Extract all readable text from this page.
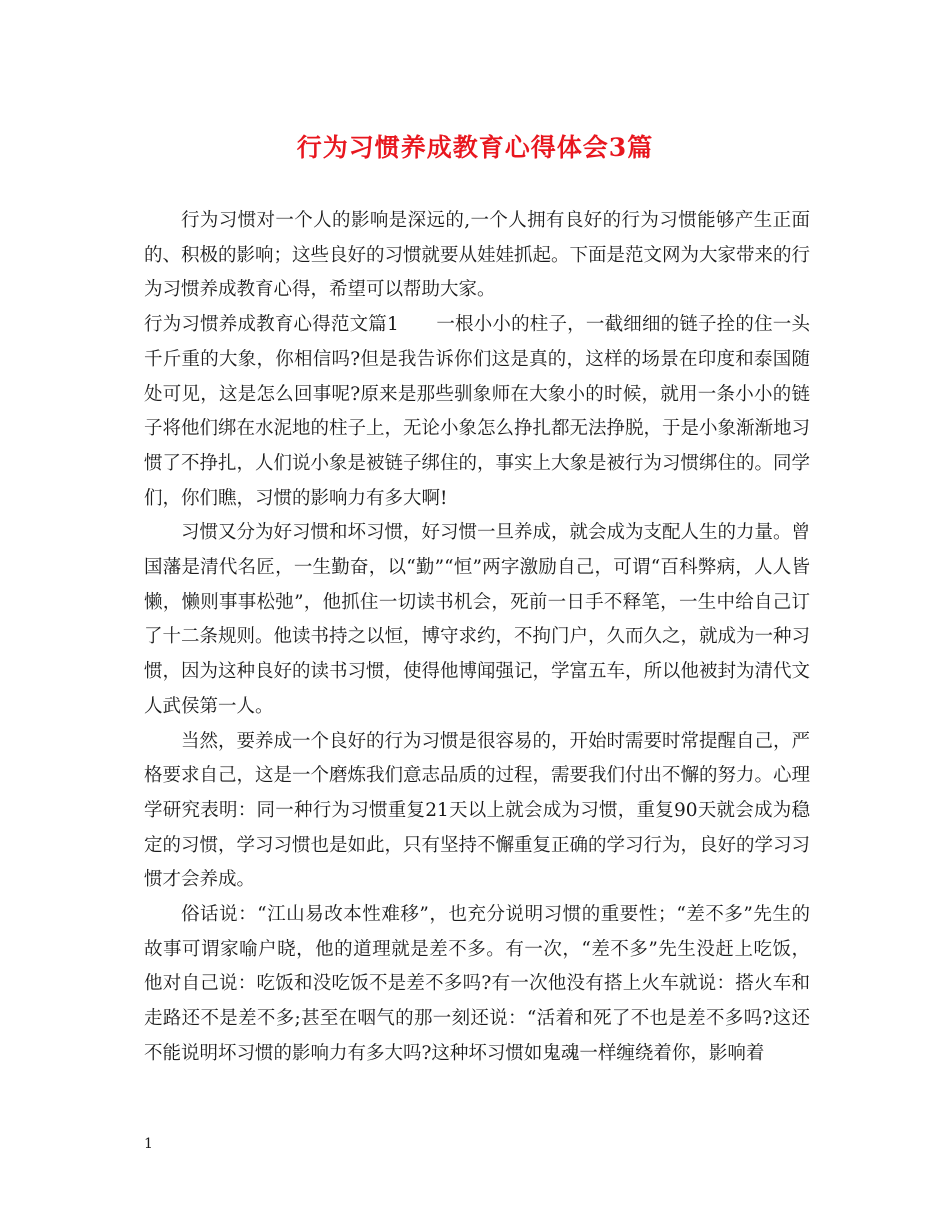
行为习惯养成教育心得体会3篇

行为习惯对一个人的影响是深远的,一个人拥有良好的行为习惯能够产生正面的、积极的影响；这些良好的习惯就要从娃娃抓起。下面是范文网为大家带来的行为习惯养成教育心得，希望可以帮助大家。

行为习惯养成教育心得范文篇1　　一根小小的柱子，一截细细的链子拴的住一头千斤重的大象，你相信吗?但是我告诉你们这是真的，这样的场景在印度和泰国随处可见，这是怎么回事呢?原来是那些驯象师在大象小的时候，就用一条小小的链子将他们绑在水泥地的柱子上，无论小象怎么挣扎都无法挣脱，于是小象渐渐地习惯了不挣扎，人们说小象是被链子绑住的，事实上大象是被行为习惯绑住的。同学们，你们瞧，习惯的影响力有多大啊!

习惯又分为好习惯和坏习惯，好习惯一旦养成，就会成为支配人生的力量。曾国藩是清代名匠，一生勤奋，以“勤”“恒”两字激励自己，可谓“百科弊病，人人皆懒，懒则事事松弛”，他抓住一切读书机会，死前一日手不释笔，一生中给自己订了十二条规则。他读书持之以恒，博守求约，不拘门户，久而久之，就成为一种习惯，因为这种良好的读书习惯，使得他博闻强记，学富五车，所以他被封为清代文人武侯第一人。

当然，要养成一个良好的行为习惯是很容易的，开始时需要时常提醒自己，严格要求自己，这是一个磨炼我们意志品质的过程，需要我们付出不懈的努力。心理学研究表明：同一种行为习惯重复21天以上就会成为习惯，重复90天就会成为稳定的习惯，学习习惯也是如此，只有坚持不懈重复正确的学习行为，良好的学习习惯才会养成。

俗话说：“江山易改本性难移”，也充分说明习惯的重要性；“差不多”先生的故事可谓家喻户晓，他的道理就是差不多。有一次，“差不多”先生没赶上吃饭，他对自己说：吃饭和没吃饭不是差不多吗?有一次他没有搭上火车就说：搭火车和走路还不是差不多;甚至在咽气的那一刻还说：“活着和死了不也是差不多吗?这还不能说明坏习惯的影响力有多大吗?这种坏习惯如鬼魂一样缠绕着你，影响着

1
